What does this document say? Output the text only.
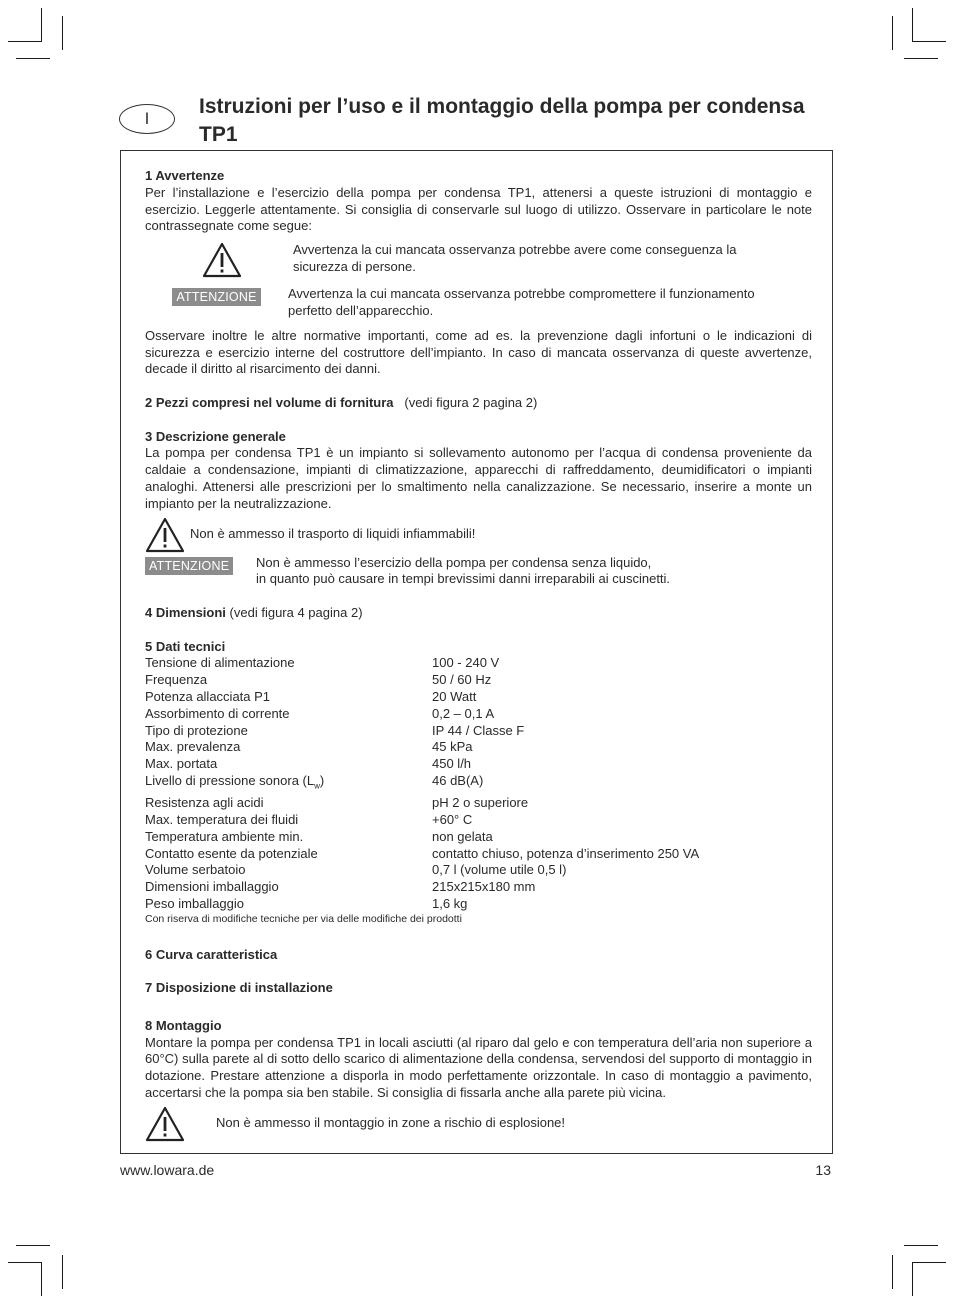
I
Istruzioni per l’uso e il montaggio della pompa per condensa TP1

1 Avvertenze

Per l’installazione e l’esercizio della pompa per condensa TP1, attenersi a queste istruzioni di montaggio e esercizio. Leggerle attentamente. Si consiglia di conservarle sul luogo di utilizzo. Osservare in particolare le note contrassegnate come segue:

Avvertenza la cui mancata osservanza potrebbe avere come conseguenza la sicurezza di persone.

ATTENZIONE	Avvertenza la cui mancata osservanza potrebbe compromettere il funzionamento perfetto dell’apparecchio.

Osservare inoltre le altre normative importanti, come ad es. la prevenzione dagli infortuni o le indicazioni di sicurezza e esercizio interne del costruttore dell’impianto. In caso di mancata osservanza di queste avvertenze, decade il diritto al risarcimento dei danni.

2 Pezzi compresi nel volume di fornitura (vedi figura 2 pagina 2)

3 Descrizione generale

La pompa per condensa TP1 è un impianto si sollevamento autonomo per l’acqua di condensa proveniente da caldaie a condensazione, impianti di climatizzazione, apparecchi di raffreddamento, deumidificatori o impianti analoghi. Attenersi alle prescrizioni per lo smaltimento nella canalizzazione. Se necessario, inserire a monte un impianto per la neutralizzazione.

Non è ammesso il trasporto di liquidi infiammabili!

ATTENZIONE	Non è ammesso l’esercizio della pompa per condensa senza liquido,

in quanto può causare in tempi brevissimi danni irreparabili ai cuscinetti.

4 Dimensioni (vedi figura 4 pagina 2)

5 Dati tecnici

Tensione di alimentazione	100 - 240 V
Frequenza	50 / 60 Hz
Potenza allacciata P1	20 Watt
Assorbimento di corrente	0,2 – 0,1 A
Tipo di protezione	IP 44 / Classe F
Max. prevalenza	45 kPa
Max. portata	450 l/h
Livello di pressione sonora $(L_w)$	46 dB(A)
Resistenza agli acidi	pH 2 o superiore
Max. temperatura dei fluidi	+60° C
Temperatura ambiente min.	non gelata
Contatto esente da potenziale	contatto chiuso, potenza d’inserimento 250 VA
Volume serbatoio	0,7 l (volume utile 0,5 l)
Dimensioni imballaggio	215x215x180 mm
Peso imballaggio	1,6 kg

Con riserva di modifiche tecniche per via delle modifiche dei prodotti

6 Curva caratteristica

7 Disposizione di installazione

8 Montaggio

Montare la pompa per condensa TP1 in locali asciutti (al riparo dal gelo e con temperatura dell’aria non superiore a 60°C) sulla parete al di sotto dello scarico di alimentazione della condensa, servendosi del supporto di montaggio in dotazione. Prestare attenzione a disporla in modo perfettamente orizzontale. In caso di montaggio a pavimento, accertarsi che la pompa sia ben stabile. Si consiglia di fissarla anche alla parete più vicina.

Non è ammesso il montaggio in zone a rischio di esplosione!

www.lowara.de	13
